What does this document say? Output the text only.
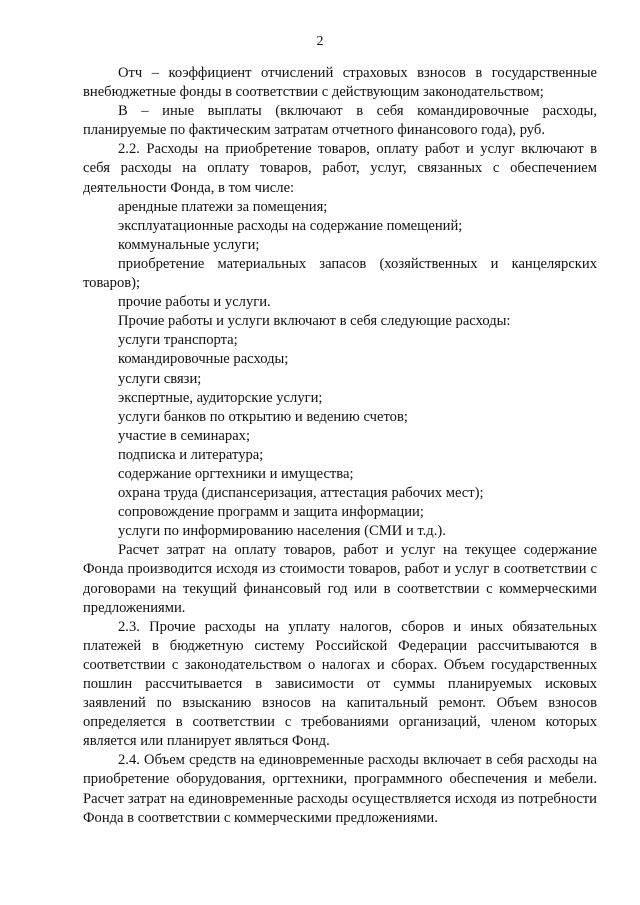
2

Отч – коэффициент отчислений страховых взносов в государственные внебюджетные фонды в соответствии с действующим законодательством;

В – иные выплаты (включают в себя командировочные расходы, планируемые по фактическим затратам отчетного финансового года), руб.

2.2. Расходы на приобретение товаров, оплату работ и услуг включают в себя расходы на оплату товаров, работ, услуг, связанных с обеспечением деятельности Фонда, в том числе:

арендные платежи за помещения;

эксплуатационные расходы на содержание помещений;

коммунальные услуги;

приобретение материальных запасов (хозяйственных и канцелярских товаров);

прочие работы и услуги.

Прочие работы и услуги включают в себя следующие расходы:

услуги транспорта;

командировочные расходы;

услуги связи;

экспертные, аудиторские услуги;

услуги банков по открытию и ведению счетов;

участие в семинарах;

подписка и литература;

содержание оргтехники и имущества;

охрана труда (диспансеризация, аттестация рабочих мест);

сопровождение программ и защита информации;

услуги по информированию населения (СМИ и т.д.).

Расчет затрат на оплату товаров, работ и услуг на текущее содержание Фонда производится исходя из стоимости товаров, работ и услуг в соответствии с договорами на текущий финансовый год или в соответствии с коммерческими предложениями.

2.3. Прочие расходы на уплату налогов, сборов и иных обязательных платежей в бюджетную систему Российской Федерации рассчитываются в соответствии с законодательством о налогах и сборах. Объем государственных пошлин рассчитывается в зависимости от суммы планируемых исковых заявлений по взысканию взносов на капитальный ремонт. Объем взносов определяется в соответствии с требованиями организаций, членом которых является или планирует являться Фонд.

2.4. Объем средств на единовременные расходы включает в себя расходы на приобретение оборудования, оргтехники, программного обеспечения и мебели. Расчет затрат на единовременные расходы осуществляется исходя из потребности Фонда в соответствии с коммерческими предложениями.
